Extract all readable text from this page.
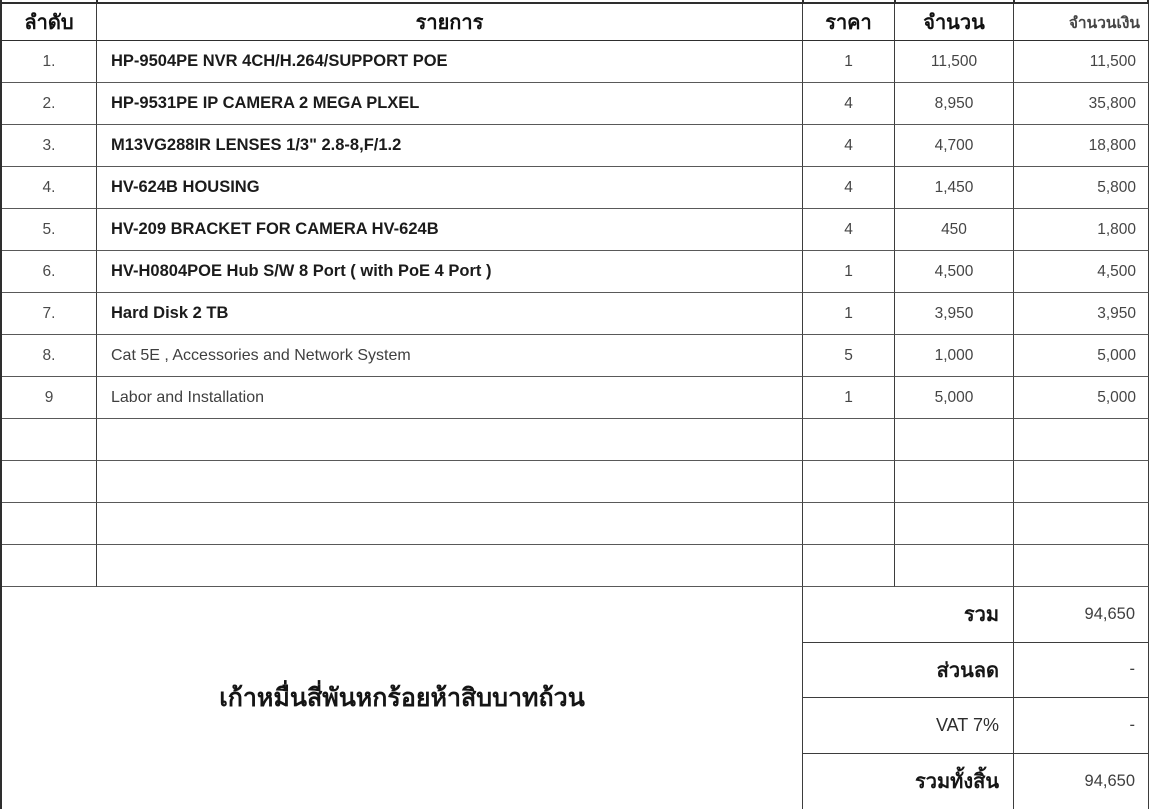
ลำดับ	รายการ	ราคา	จำนวน	จำนวนเงิน
1.	HP-9504PE NVR 4CH/H.264/SUPPORT POE	1	11,500	11,500
2.	HP-9531PE IP CAMERA 2 MEGA PLXEL	4	8,950	35,800
3.	M13VG288IR LENSES 1/3" 2.8-8,F/1.2	4	4,700	18,800
4.	HV-624B HOUSING	4	1,450	5,800
5.	HV-209 BRACKET FOR CAMERA HV-624B	4	450	1,800
6.	HV-H0804POE Hub S/W 8 Port ( with PoE 4 Port )	1	4,500	4,500
7.	Hard Disk 2 TB	1	3,950	3,950
8.	Cat 5E , Accessories and Network System	5	1,000	5,000
9	Labor and Installation	1	5,000	5,000
เก้าหมื่นสี่พันหกร้อยห้าสิบบาทถ้วน
รวม	94,650
ส่วนลด	-
VAT 7%	-
รวมทั้งสิ้น	94,650
